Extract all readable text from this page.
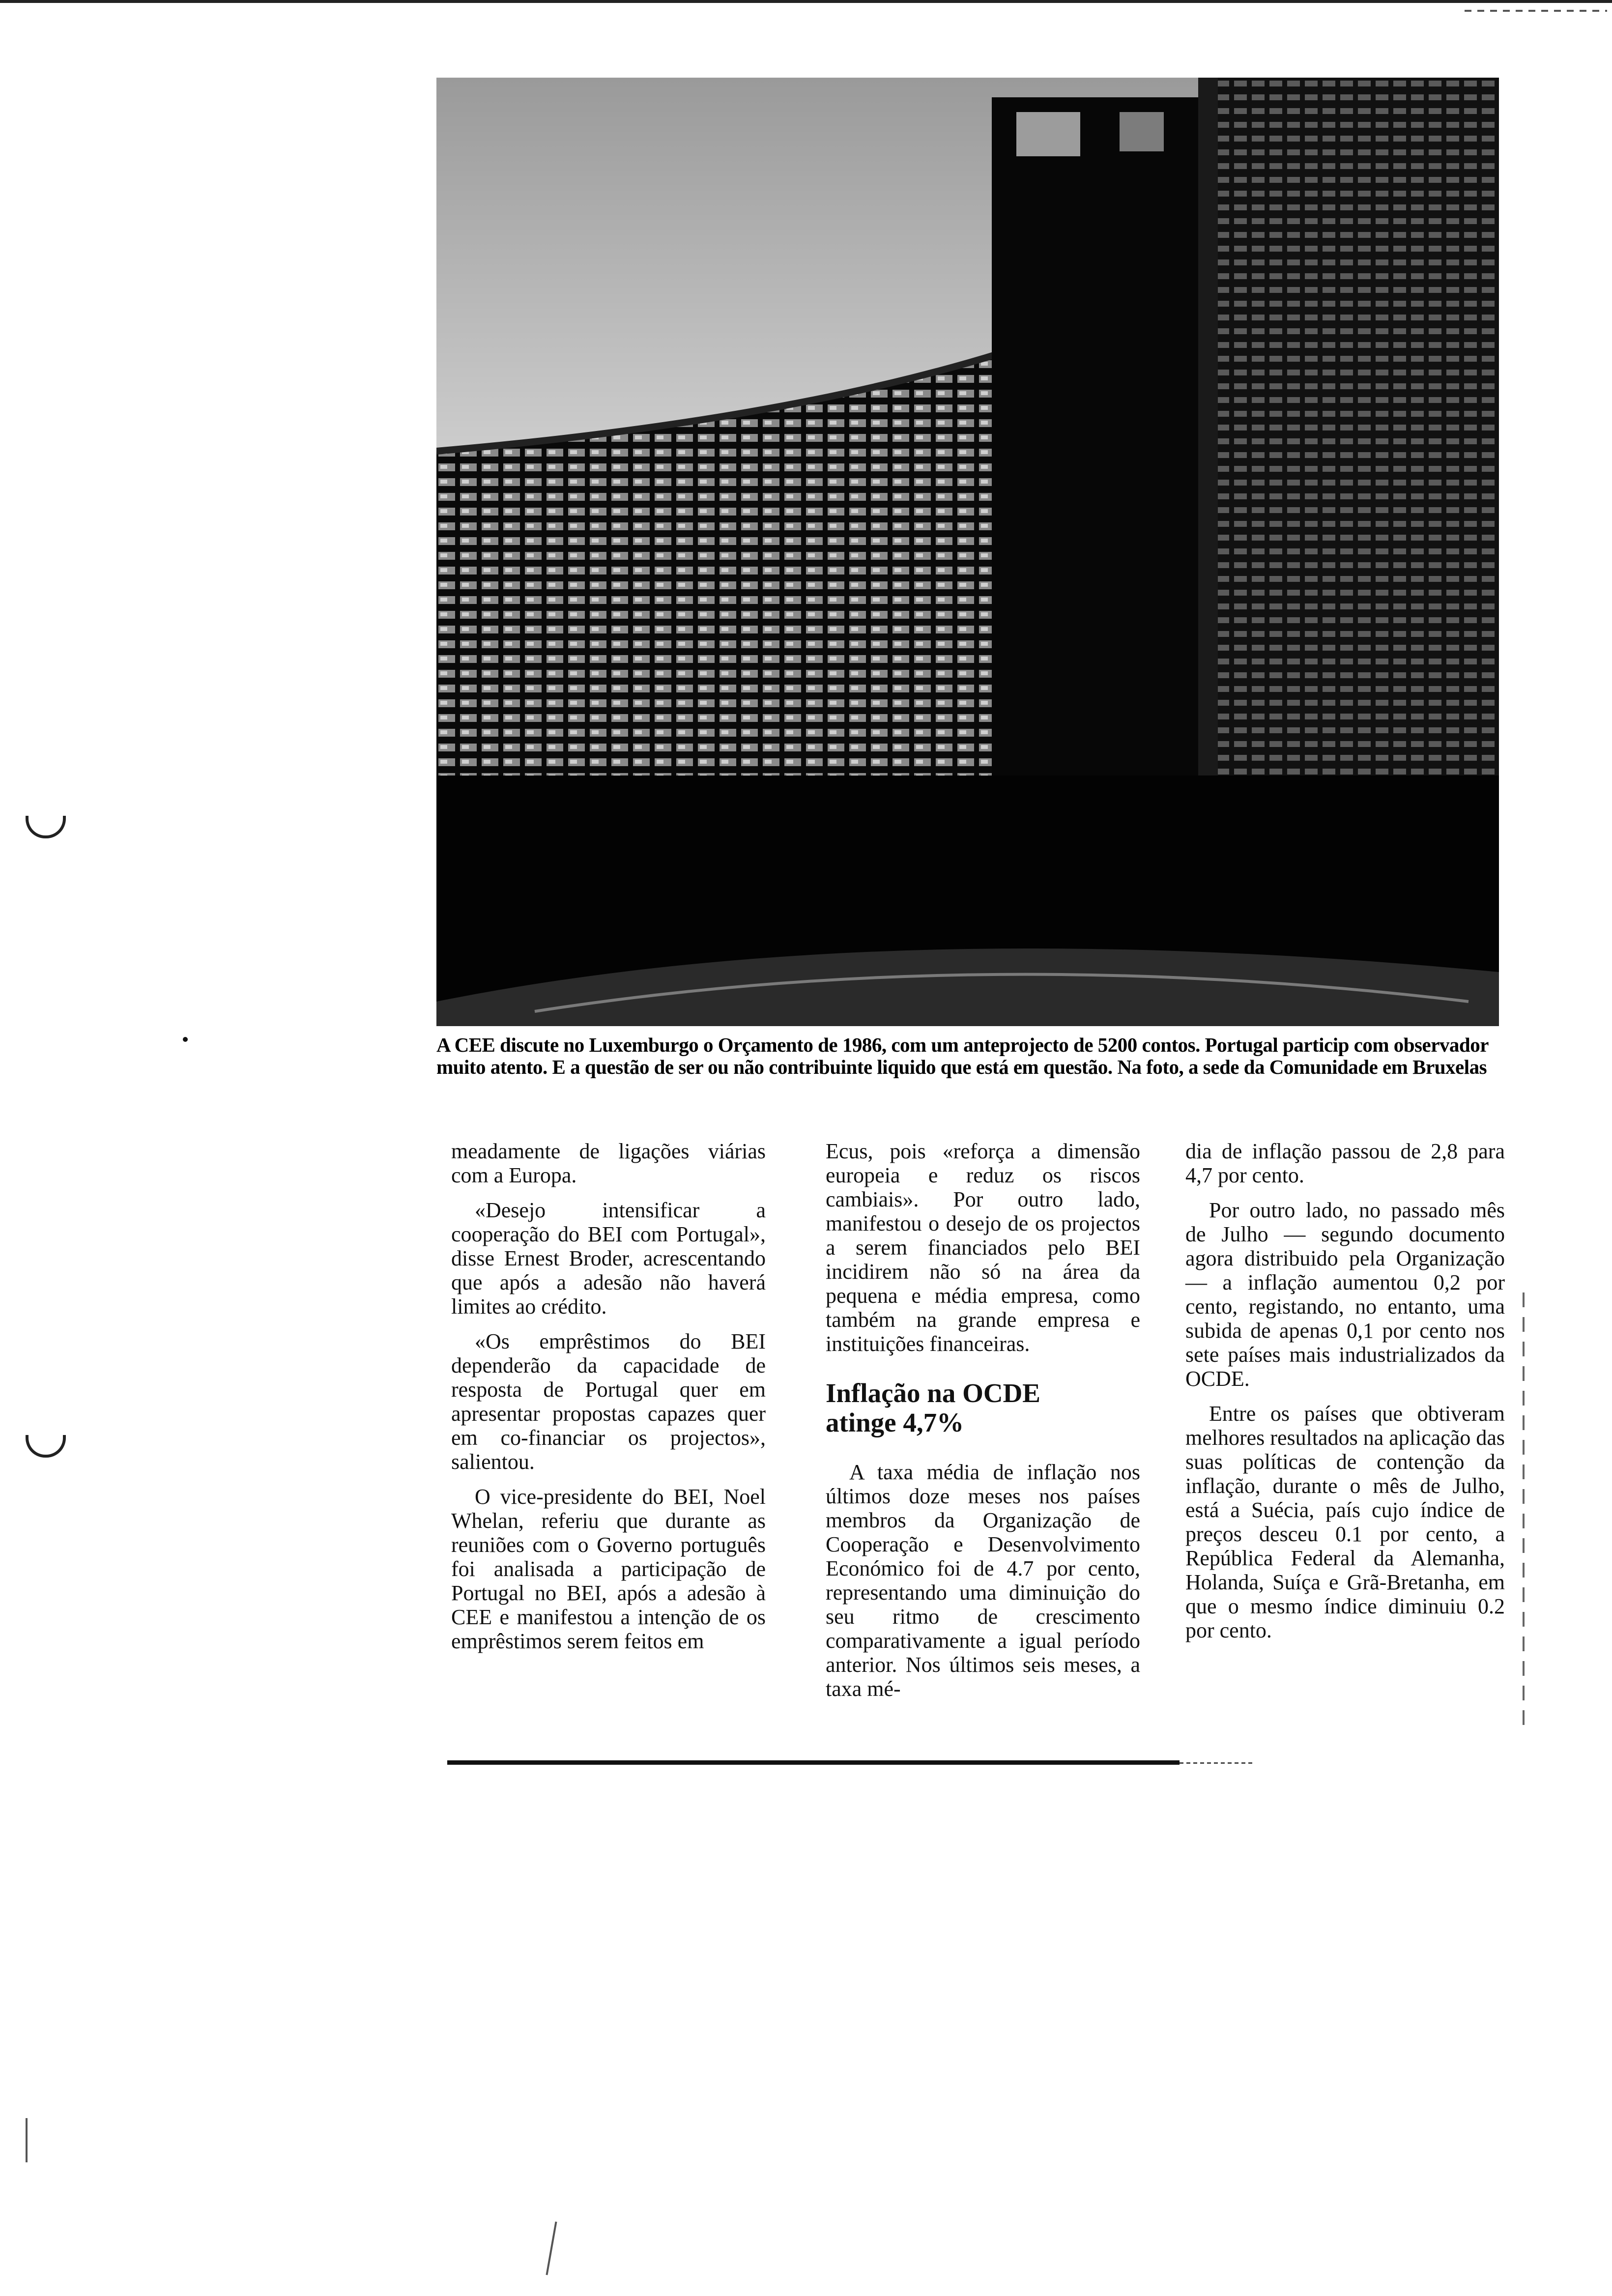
A CEE discute no Luxemburgo o Orçamento de 1986, com um anteprojecto de 5200 contos. Portugal particip com observador muito atento. E a questão de ser ou não contribuinte liquido que está em questão. Na foto, a sede da Comunidade em Bruxelas

meadamente de ligações viárias com a Europa.

«Desejo intensificar a cooperação do BEI com Portugal», disse Ernest Broder, acrescentando que após a adesão não haverá limites ao crédito.

«Os emprêstimos do BEI dependerão da capacidade de resposta de Portugal quer em apresentar propostas capazes quer em co-financiar os projectos», salientou.

O vice-presidente do BEI, Noel Whelan, referiu que durante as reuniões com o Governo português foi analisada a participação de Portugal no BEI, após a adesão à CEE e manifestou a intenção de os emprêstimos serem feitos em

Ecus, pois «reforça a dimensão europeia e reduz os riscos cambiais». Por outro lado, manifestou o desejo de os projectos a serem financiados pelo BEI incidirem não só na área da pequena e média empresa, como também na grande empresa e instituições financeiras.

Inflação na OCDE
atinge 4,7%

A taxa média de inflação nos últimos doze meses nos países membros da Organização de Cooperação e Desenvolvimento Económico foi de 4.7 por cento, representando uma diminuição do seu ritmo de crescimento comparativamente a igual período anterior. Nos últimos seis meses, a taxa mé-

dia de inflação passou de 2,8 para 4,7 por cento.

Por outro lado, no passado mês de Julho — segundo documento agora distribuido pela Organização — a inflação aumentou 0,2 por cento, registando, no entanto, uma subida de apenas 0,1 por cento nos sete países mais industrializados da OCDE.

Entre os países que obtiveram melhores resultados na aplicação das suas políticas de contenção da inflação, durante o mês de Julho, está a Suécia, país cujo índice de preços desceu 0.1 por cento, a República Federal da Alemanha, Holanda, Suíça e Grã-Bretanha, em que o mesmo índice diminuiu 0.2 por cento.
